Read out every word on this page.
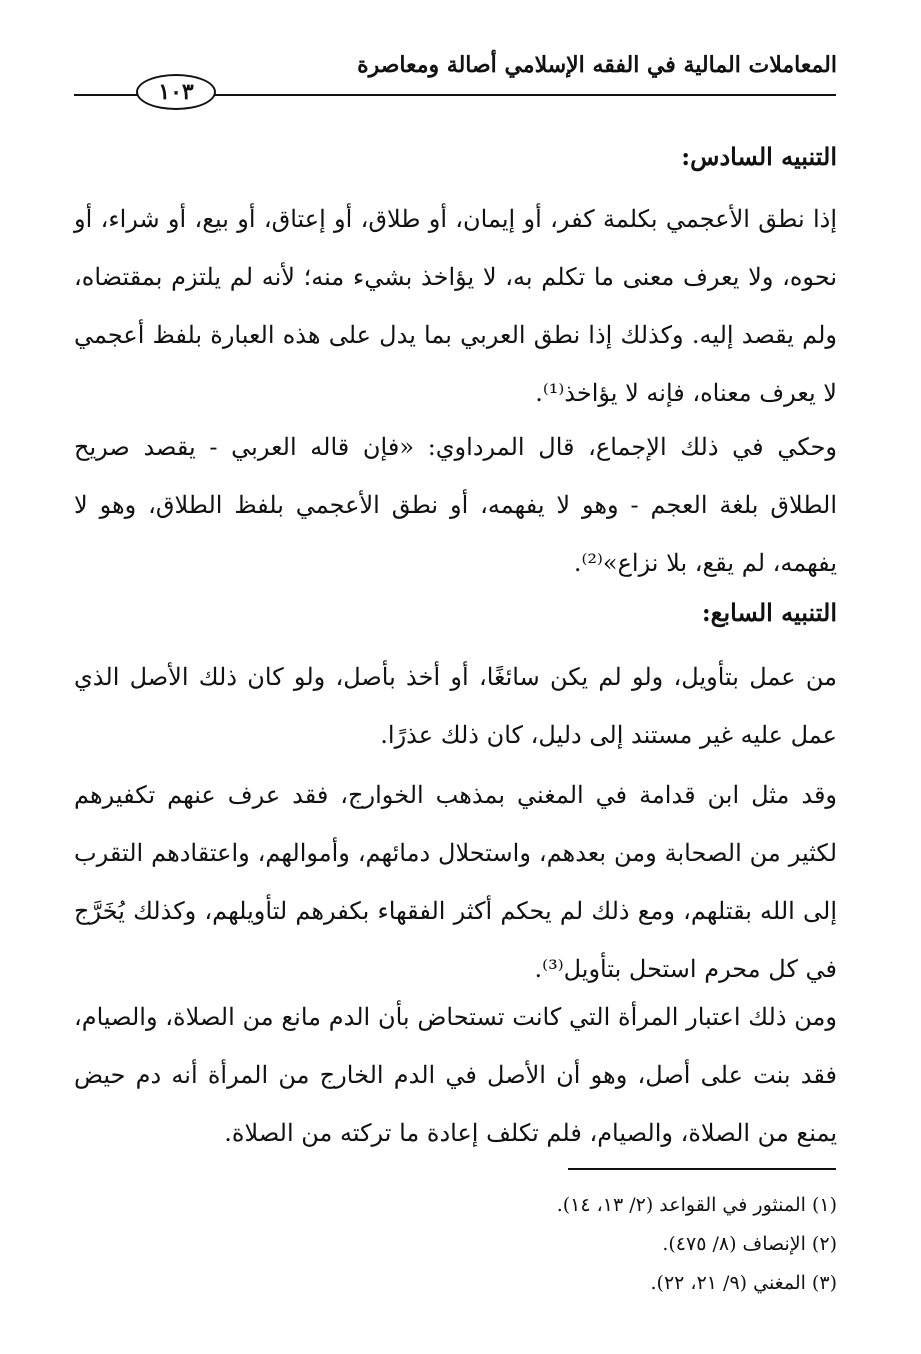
المعاملات المالية في الفقه الإسلامي أصالة ومعاصرة
١٠٣
التنبيه السادس:
إذا نطق الأعجمي بكلمة كفر، أو إيمان، أو طلاق، أو إعتاق، أو بيع، أو شراء، أو نحوه، ولا يعرف معنى ما تكلم به، لا يؤاخذ بشيء منه؛ لأنه لم يلتزم بمقتضاه، ولم يقصد إليه. وكذلك إذا نطق العربي بما يدل على هذه العبارة بلفظ أعجمي لا يعرف معناه، فإنه لا يؤاخذ⁽¹⁾.
وحكي في ذلك الإجماع، قال المرداوي: «فإن قاله العربي - يقصد صريح الطلاق بلغة العجم - وهو لا يفهمه، أو نطق الأعجمي بلفظ الطلاق، وهو لا يفهمه، لم يقع، بلا نزاع»⁽²⁾.
التنبيه السابع:
من عمل بتأويل، ولو لم يكن سائغًا، أو أخذ بأصل، ولو كان ذلك الأصل الذي عمل عليه غير مستند إلى دليل، كان ذلك عذرًا.
وقد مثل ابن قدامة في المغني بمذهب الخوارج، فقد عرف عنهم تكفيرهم لكثير من الصحابة ومن بعدهم، واستحلال دمائهم، وأموالهم، واعتقادهم التقرب إلى الله بقتلهم، ومع ذلك لم يحكم أكثر الفقهاء بكفرهم لتأويلهم، وكذلك يُخَرَّج في كل محرم استحل بتأويل⁽³⁾.
ومن ذلك اعتبار المرأة التي كانت تستحاض بأن الدم مانع من الصلاة، والصيام، فقد بنت على أصل، وهو أن الأصل في الدم الخارج من المرأة أنه دم حيض يمنع من الصلاة، والصيام، فلم تكلف إعادة ما تركته من الصلاة.
(١) المنثور في القواعد (٢/ ١٣، ١٤).
(٢) الإنصاف (٨/ ٤٧٥).
(٣) المغني (٩/ ٢١، ٢٢).
